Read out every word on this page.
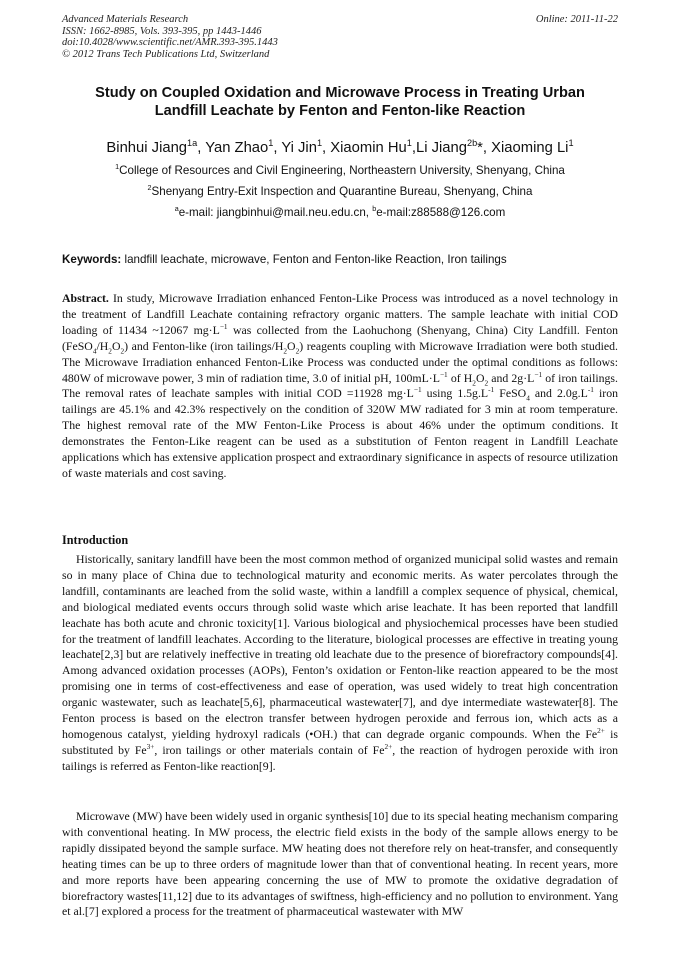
Advanced Materials Research
ISSN: 1662-8985, Vols. 393-395, pp 1443-1446
doi:10.4028/www.scientific.net/AMR.393-395.1443
© 2012 Trans Tech Publications Ltd, Switzerland
Online: 2011-11-22
Study on Coupled Oxidation and Microwave Process in Treating Urban
Landfill Leachate by Fenton and Fenton-like Reaction
Binhui Jiang$^{1a}$, Yan Zhao$^1$, Yi Jin$^1$, Xiaomin Hu$^1$,Li Jiang$^{2b}$*, Xiaoming Li$^1$
$^1$College of Resources and Civil Engineering, Northeastern University, Shenyang, China
$^2$Shenyang Entry-Exit Inspection and Quarantine Bureau, Shenyang, China
$^a$e-mail: jiangbinhui@mail.neu.edu.cn, $^b$e-mail:z88588@126.com
Keywords: landfill leachate, microwave, Fenton and Fenton-like Reaction, Iron tailings
Abstract. In study, Microwave Irradiation enhanced Fenton-Like Process was introduced as a novel technology in the treatment of Landfill Leachate containing refractory organic matters. The sample leachate with initial COD loading of 11434 ~12067 $mg\cdot L^{-1}$ was collected from the Laohuchong (Shenyang, China) City Landfill. Fenton $(FeSO_4/H_2O_2)$ and Fenton-like (iron tailings/$H_2O_2$) reagents coupling with Microwave Irradiation were both studied. The Microwave Irradiation enhanced Fenton-Like Process was conducted under the optimal conditions as follows: 480W of microwave power, 3 min of radiation time, 3.0 of initial pH, $100mL\cdot L^{-1}$ of $H_2O_2$ and $2g\cdot L^{-1}$ of iron tailings. The removal rates of leachate samples with initial COD =11928 $mg\cdot L^{-1}$ using $1.5g.L^{-1}$ FeSO$_4$ and $2.0g.L^{-1}$ iron tailings are 45.1% and 42.3% respectively on the condition of 320W MW radiated for 3 min at room temperature. The highest removal rate of the MW Fenton-Like Process is about 46% under the optimum conditions. It demonstrates the Fenton-Like reagent can be used as a substitution of Fenton reagent in Landfill Leachate applications which has extensive application prospect and extraordinary significance in aspects of resource utilization of waste materials and cost saving.
Introduction
Historically, sanitary landfill have been the most common method of organized municipal solid wastes and remain so in many place of China due to technological maturity and economic merits. As water percolates through the landfill, contaminants are leached from the solid waste, within a landfill a complex sequence of physical, chemical, and biological mediated events occurs through solid waste which arise leachate. It has been reported that landfill leachate has both acute and chronic toxicity[1]. Various biological and physiochemical processes have been studied for the treatment of landfill leachates. According to the literature, biological processes are effective in treating young leachate[2,3] but are relatively ineffective in treating old leachate due to the presence of biorefractory compounds[4]. Among advanced oxidation processes (AOPs), Fenton’s oxidation or Fenton-like reaction appeared to be the most promising one in terms of cost-effectiveness and ease of operation, was used widely to treat high concentration organic wastewater, such as leachate[5,6], pharmaceutical wastewater[7], and dye intermediate wastewater[8]. The Fenton process is based on the electron transfer between hydrogen peroxide and ferrous ion, which acts as a homogenous catalyst, yielding hydroxyl radicals (•OH.) that can degrade organic compounds. When the $Fe^{2+}$ is substituted by $Fe^{3+}$, iron tailings or other materials contain of $Fe^{2+}$, the reaction of hydrogen peroxide with iron tailings is referred as Fenton-like reaction[9].
Microwave (MW) have been widely used in organic synthesis[10] due to its special heating mechanism comparing with conventional heating. In MW process, the electric field exists in the body of the sample allows energy to be rapidly dissipated beyond the sample surface. MW heating does not therefore rely on heat-transfer, and consequently heating times can be up to three orders of magnitude lower than that of conventional heating. In recent years, more and more reports have been appearing concerning the use of MW to promote the oxidative degradation of biorefractory wastes[11,12] due to its advantages of swiftness, high-efficiency and no pollution to environment. Yang et al.[7] explored a process for the treatment of pharmaceutical wastewater with MW
